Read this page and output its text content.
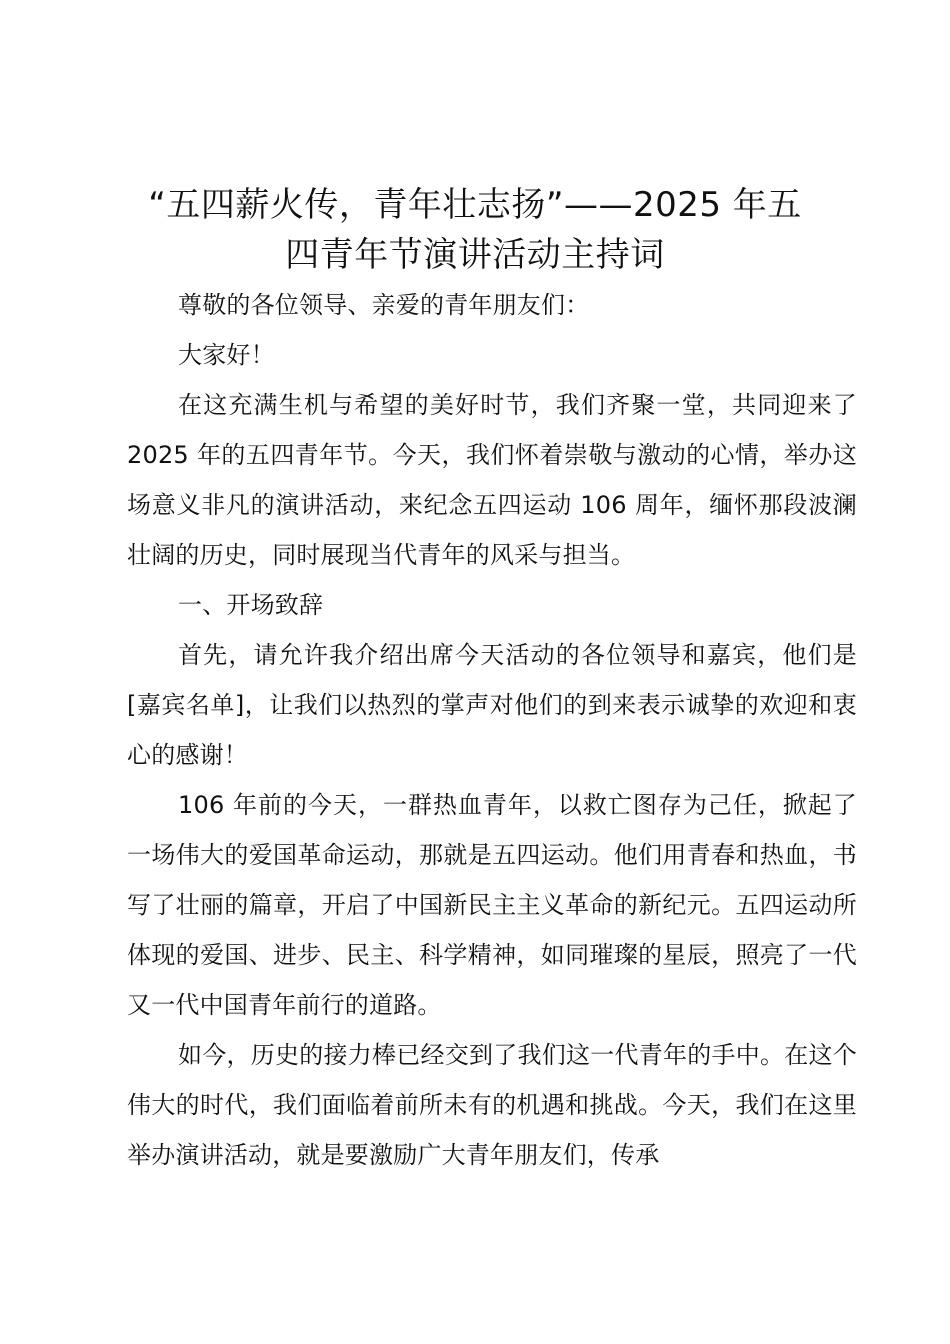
“五四薪火传，青年壮志扬”——2025 年五
四青年节演讲活动主持词

尊敬的各位领导、亲爱的青年朋友们：

大家好！

在这充满生机与希望的美好时节，我们齐聚一堂，共同迎来了 2025 年的五四青年节。今天，我们怀着崇敬与激动的心情，举办这场意义非凡的演讲活动，来纪念五四运动 106 周年，缅怀那段波澜壮阔的历史，同时展现当代青年的风采与担当。

一、开场致辞

首先，请允许我介绍出席今天活动的各位领导和嘉宾，他们是[嘉宾名单]，让我们以热烈的掌声对他们的到来表示诚挚的欢迎和衷心的感谢！

106 年前的今天，一群热血青年，以救亡图存为己任，掀起了一场伟大的爱国革命运动，那就是五四运动。他们用青春和热血，书写了壮丽的篇章，开启了中国新民主主义革命的新纪元。五四运动所体现的爱国、进步、民主、科学精神，如同璀璨的星辰，照亮了一代又一代中国青年前行的道路。

如今，历史的接力棒已经交到了我们这一代青年的手中。在这个伟大的时代，我们面临着前所未有的机遇和挑战。今天，我们在这里举办演讲活动，就是要激励广大青年朋友们，传承
